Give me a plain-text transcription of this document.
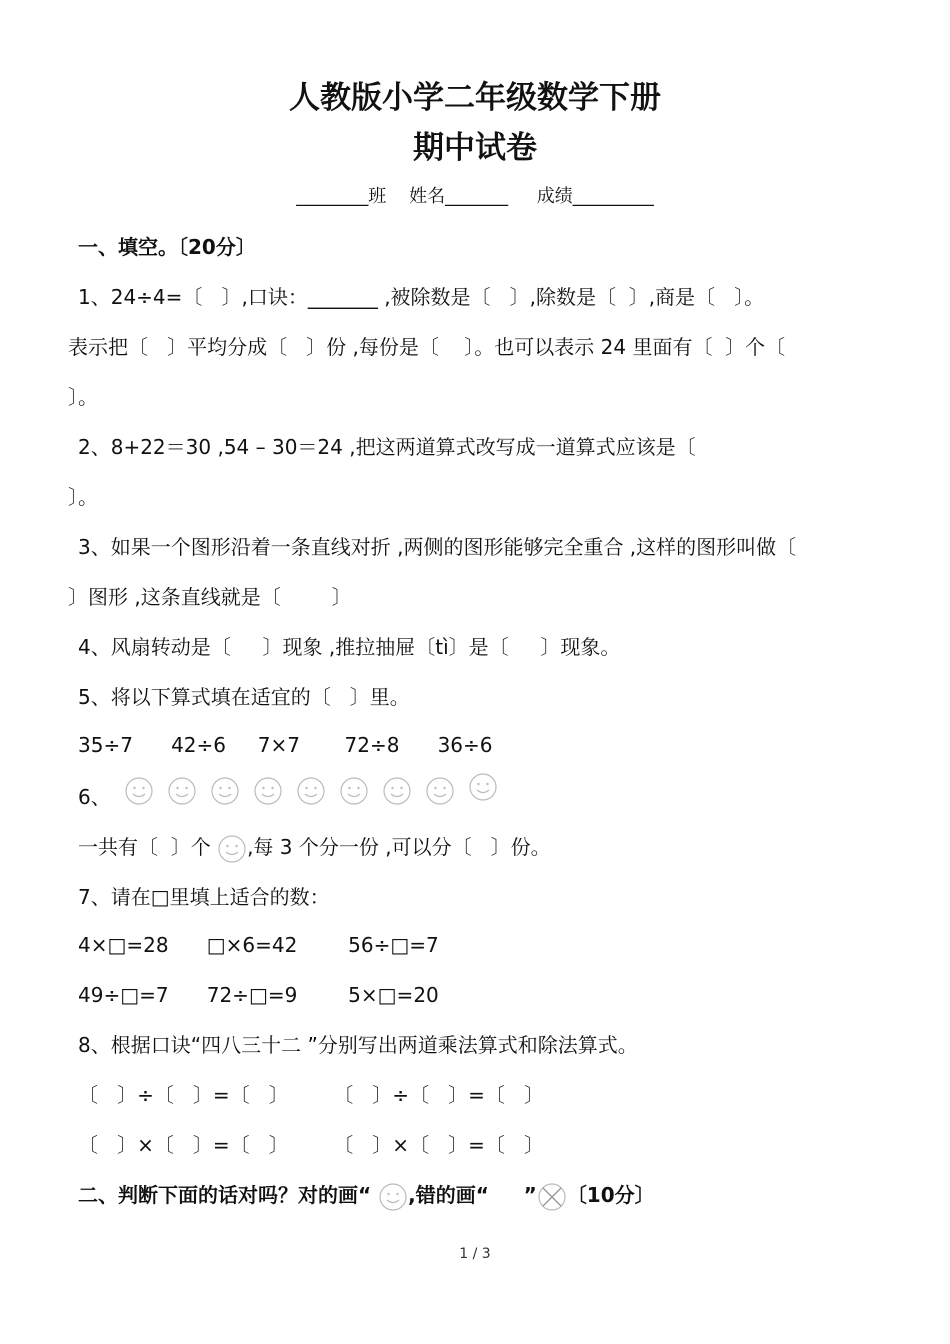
人教版小学二年级数学下册
期中试卷
________班    姓名_______     成绩_________

一、填空。〔20分〕

1、24÷4=〔   〕,口诀：_______ ,被除数是〔   〕,除数是〔  〕,商是〔   〕。

表示把〔   〕平均分成〔   〕份 ,每份是〔    〕。也可以表示 24 里面有〔  〕个〔

〕。

2、8+22＝30 ,54 – 30＝24 ,把这两道算式改写成一道算式应该是〔

〕。

3、如果一个图形沿着一条直线对折 ,两侧的图形能够完全重合 ,这样的图形叫做〔

〕图形 ,这条直线就是〔        〕

4、风扇转动是〔     〕现象 ,推拉抽屉〔tì〕是〔     〕现象。

5、将以下算式填在适宜的〔   〕里。

35÷7      42÷6     7×7       72÷8      36÷6

6、

一共有〔  〕个
,每 3 个分一份 ,可以分〔   〕份。

7、请在□里填上适合的数：

4×□=28      □×6=42        56÷□=7

49÷□=7      72÷□=9        5×□=20

8、根据口诀“四八三十二 ”分别写出两道乘法算式和除法算式。

〔   〕÷〔   〕=〔   〕       〔   〕÷〔   〕=〔   〕

〔   〕×〔   〕=〔   〕       〔   〕×〔   〕=〔   〕

二、判断下面的话对吗？对的画“
,错的画“     ” 〔10分〕

1 / 3
